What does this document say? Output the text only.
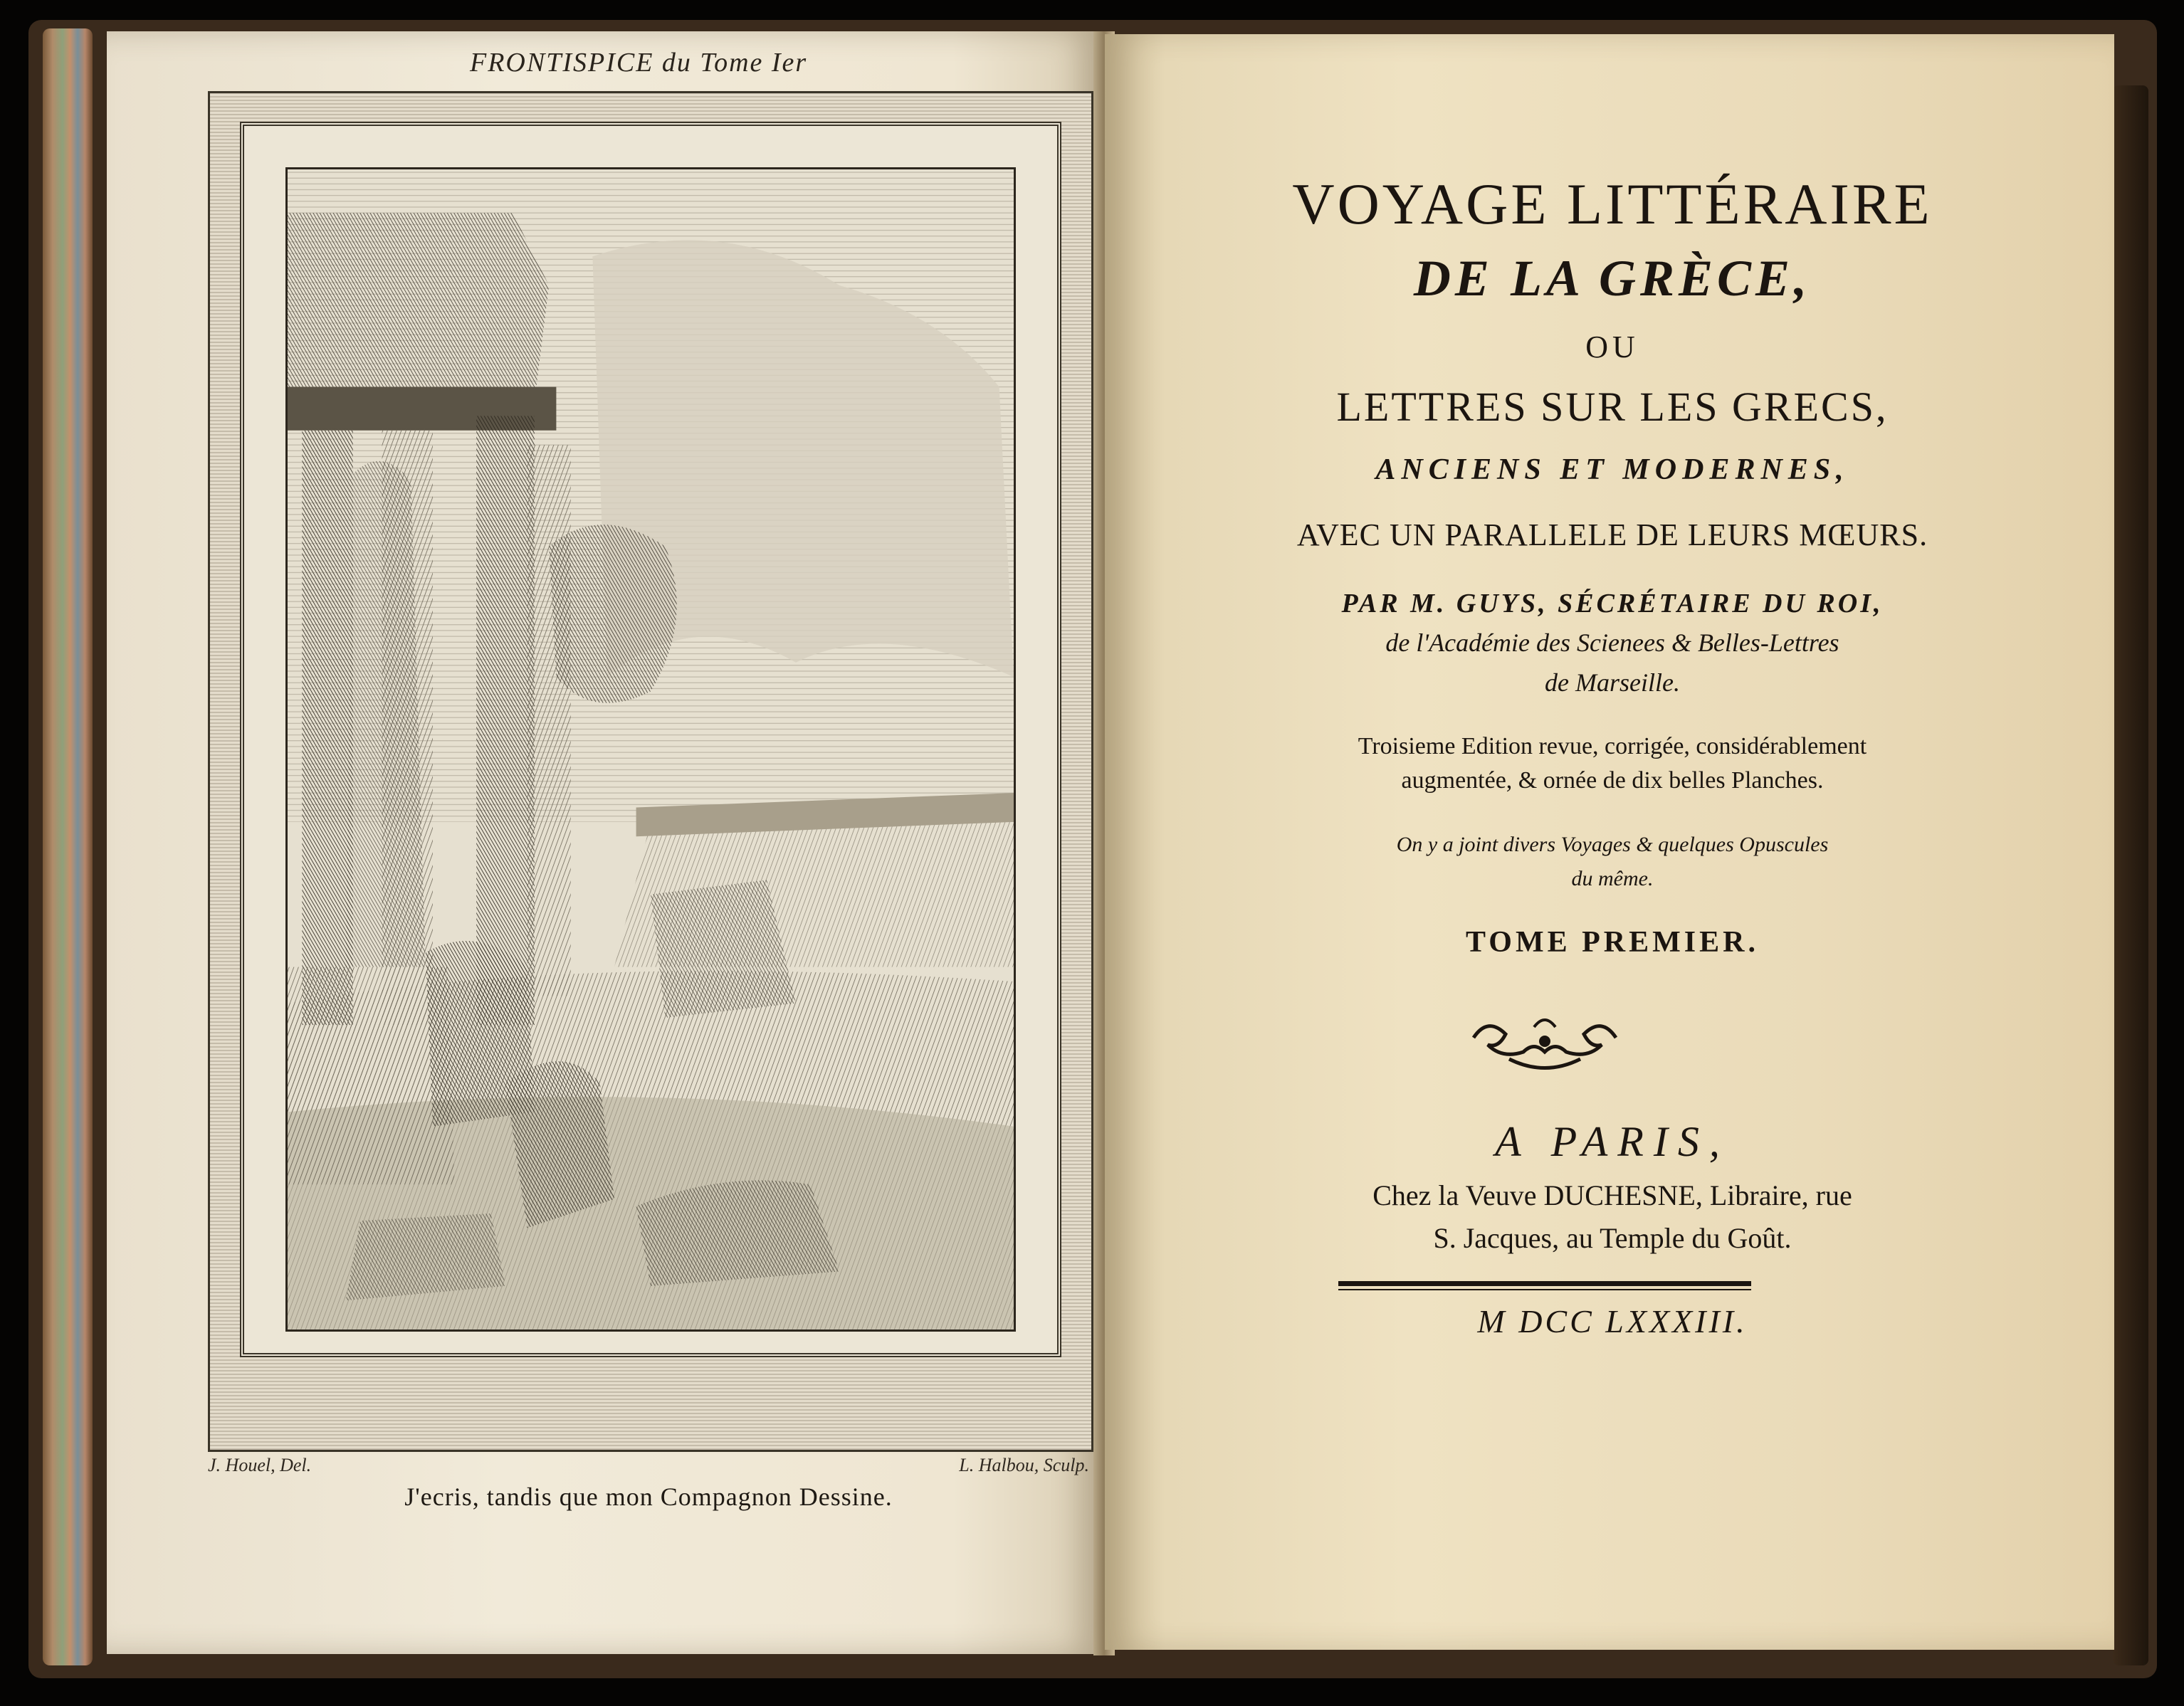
FRONTISPICE du Tome Ier
J. Houel, Del.	L. Halbou, Sculp.
J'ecris, tandis que mon Compagnon Dessine.
VOYAGE LITTÉRAIRE
DE LA GRÈCE,
OU
LETTRES SUR LES GRECS,
ANCIENS ET MODERNES,
AVEC UN PARALLELE DE LEURS MŒURS.
PAR M. GUYS, SÉCRÉTAIRE DU ROI,
de l'Académie des Scienees & Belles-Lettres
de Marseille.
Troisieme Edition revue, corrigée, considérablement
augmentée, & ornée de dix belles Planches.
On y a joint divers Voyages & quelques Opuscules
du même.
TOME PREMIER.
A PARIS,
Chez la Veuve DUCHESNE, Libraire, rue
S. Jacques, au Temple du Goût.
M DCC LXXXIII.
